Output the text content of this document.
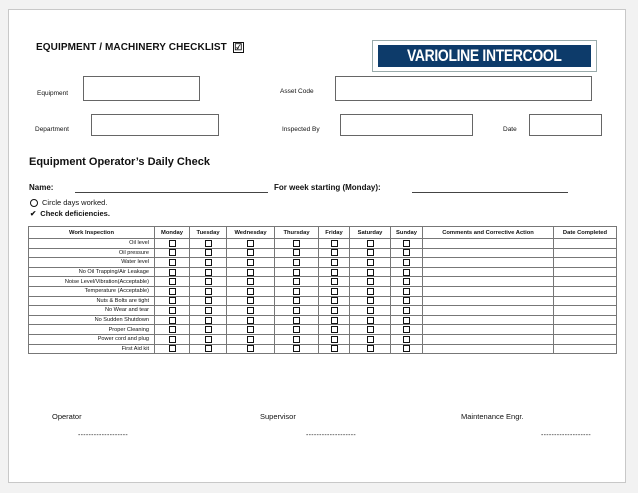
EQUIPMENT / MACHINERY CHECKLIST ☑	VARIOLINE INTERCOOL
Equipment	Asset Code
Department	Inspected By	Date
Equipment Operator’s Daily Check
Name:	For week starting (Monday):
Circle days worked.
✔ Check deficiencies.
Work Inspection	Monday	Tuesday	Wednesday	Thursday	Friday	Saturday	Sunday	Comments and Corrective Action	Date Completed
Oil level									
Oil pressure									
Water level									
No Oil Trapping/Air Leakage									
Noise Level/Vibration(Acceptable)									
Temperature (Acceptable)									
Nuts & Bolts are tight									
No Wear and tear									
No Sudden Shutdown									
Proper Cleaning									
Power cord and plug									
First Aid kit									
Operator	Supervisor	Maintenance Engr.
-------------------	-------------------	-------------------
